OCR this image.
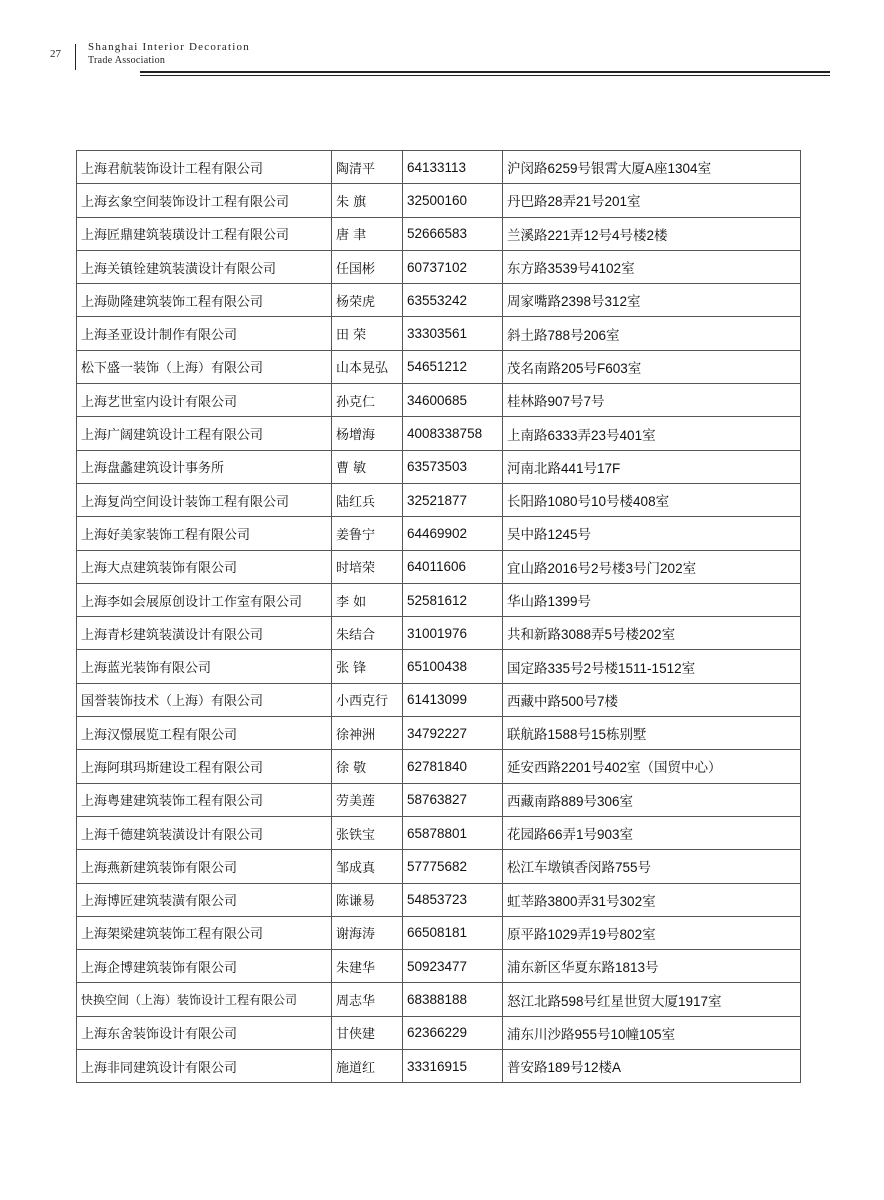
27
Shanghai Interior Decoration
Trade Association
上海君航装饰设计工程有限公司	陶清平	64133113	沪闵路6259号银霄大厦A座1304室
上海玄象空间装饰设计工程有限公司	朱 旗	32500160	丹巴路28弄21号201室
上海匠鼎建筑装璜设计工程有限公司	唐 聿	52666583	兰溪路221弄12号4号楼2楼
上海关镇铨建筑装潢设计有限公司	任国彬	60737102	东方路3539号4102室
上海勋隆建筑装饰工程有限公司	杨荣虎	63553242	周家嘴路2398号312室
上海圣亚设计制作有限公司	田 荣	33303561	斜土路788号206室
松下盛一装饰（上海）有限公司	山本晃弘	54651212	茂名南路205号F603室
上海艺世室内设计有限公司	孙克仁	34600685	桂林路907号7号
上海广阔建筑设计工程有限公司	杨增海	4008338758	上南路6333弄23号401室
上海盘蠡建筑设计事务所	曹 敏	63573503	河南北路441号17F
上海复尚空间设计装饰工程有限公司	陆红兵	32521877	长阳路1080号10号楼408室
上海好美家装饰工程有限公司	姜鲁宁	64469902	吴中路1245号
上海大点建筑装饰有限公司	时培荣	64011606	宜山路2016号2号楼3号门202室
上海李如会展原创设计工作室有限公司	李 如	52581612	华山路1399号
上海青杉建筑装潢设计有限公司	朱结合	31001976	共和新路3088弄5号楼202室
上海蓝光装饰有限公司	张 锋	65100438	国定路335号2号楼1511-1512室
国誉装饰技术（上海）有限公司	小西克行	61413099	西藏中路500号7楼
上海汉憬展览工程有限公司	徐神洲	34792227	联航路1588号15栋别墅
上海阿琪玛斯建设工程有限公司	徐 敬	62781840	延安西路2201号402室（国贸中心）
上海粤建建筑装饰工程有限公司	劳美莲	58763827	西藏南路889号306室
上海千德建筑装潢设计有限公司	张铁宝	65878801	花园路66弄1号903室
上海燕新建筑装饰有限公司	邹成真	57775682	松江车墩镇香闵路755号
上海博匠建筑装潢有限公司	陈谦易	54853723	虹莘路3800弄31号302室
上海架梁建筑装饰工程有限公司	谢海涛	66508181	原平路1029弄19号802室
上海企博建筑装饰有限公司	朱建华	50923477	浦东新区华夏东路1813号
快换空间（上海）装饰设计工程有限公司	周志华	68388188	怒江北路598号红星世贸大厦1917室
上海东舍装饰设计有限公司	甘侠建	62366229	浦东川沙路955号10幢105室
上海非同建筑设计有限公司	施道红	33316915	普安路189号12楼A
